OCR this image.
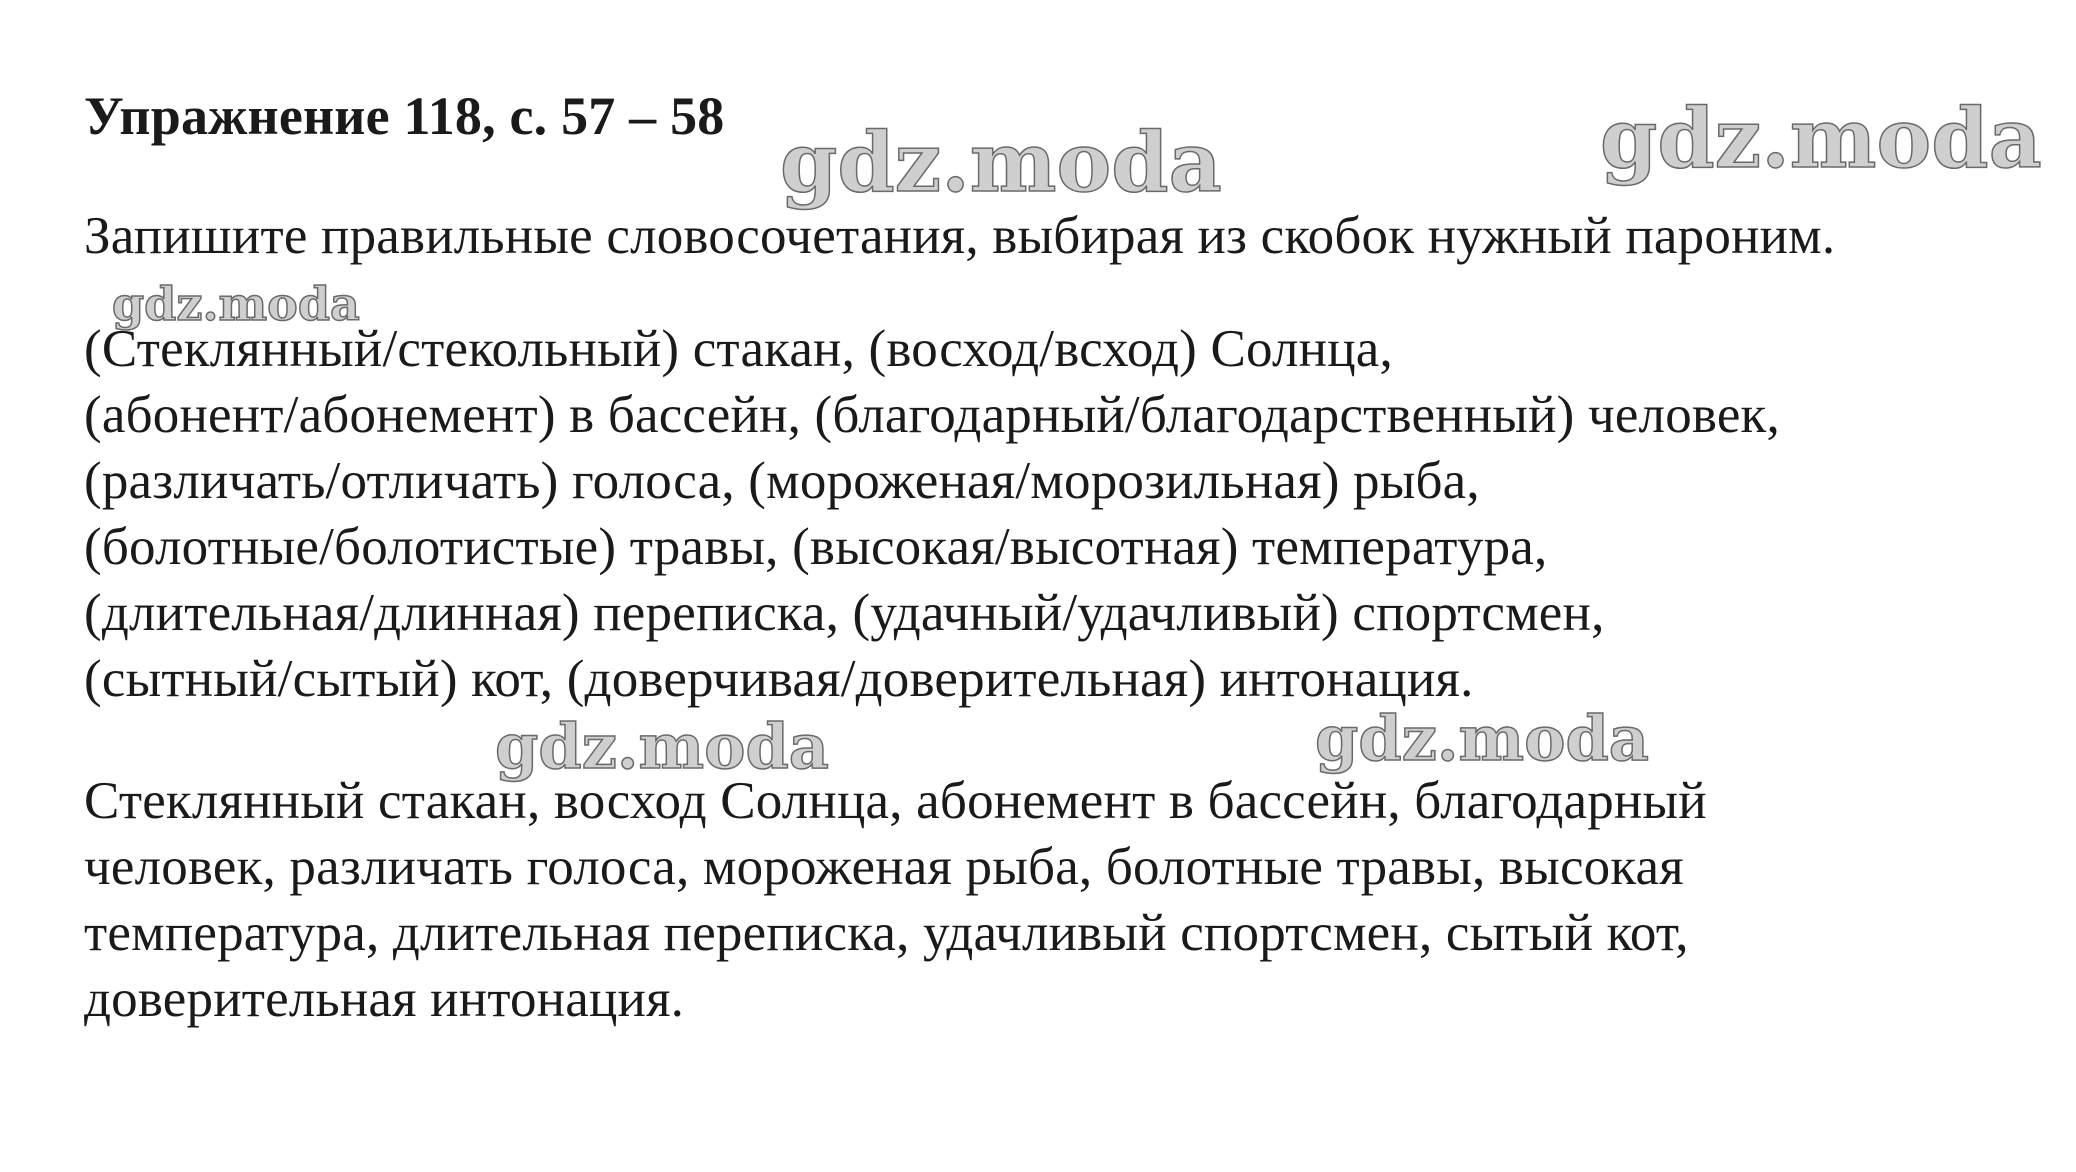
Упражнение 118, с. 57 – 58
Запишите правильные словосочетания, выбирая из скобок нужный пароним.
(Стеклянный/стекольный) стакан, (восход/всход) Солнца,
(абонент/абонемент) в бассейн, (благодарный/благодарственный) человек,
(различать/отличать) голоса, (мороженая/морозильная) рыба,
(болотные/болотистые) травы, (высокая/высотная) температура,
(длительная/длинная) переписка, (удачный/удачливый) спортсмен,
(сытный/сытый) кот, (доверчивая/доверительная) интонация.
Стеклянный стакан, восход Солнца, абонемент в бассейн, благодарный
человек, различать голоса, мороженая рыба, болотные травы, высокая
температура, длительная переписка, удачливый спортсмен, сытый кот,
доверительная интонация.
gdz.moda	gdz.moda
gdz.moda
gdz.moda	gdz.moda
